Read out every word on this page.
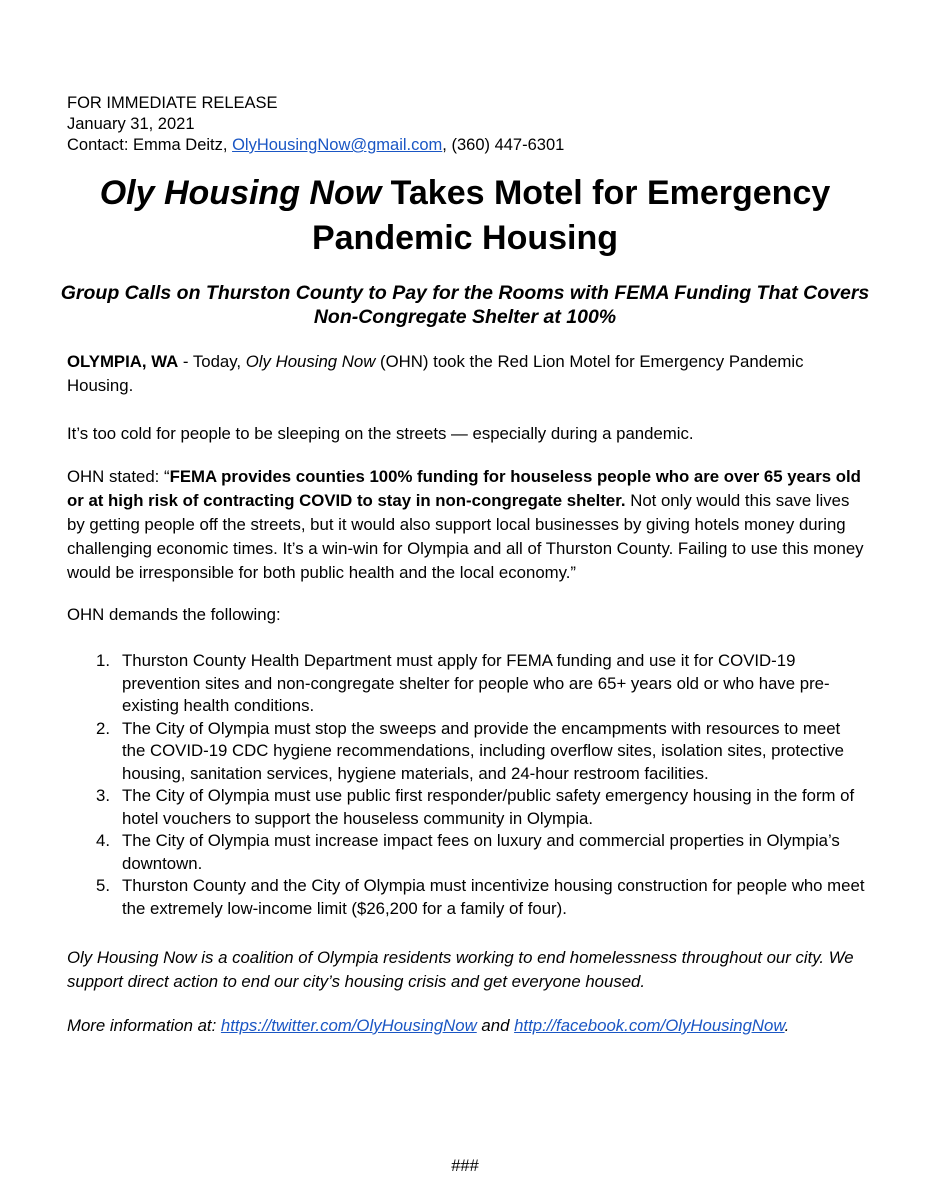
FOR IMMEDIATE RELEASE
January 31, 2021
Contact: Emma Deitz, OlyHousingNow@gmail.com, (360) 447-6301
Oly Housing Now Takes Motel for Emergency Pandemic Housing
Group Calls on Thurston County to Pay for the Rooms with FEMA Funding That Covers Non-Congregate Shelter at 100%
OLYMPIA, WA - Today, Oly Housing Now (OHN) took the Red Lion Motel for Emergency Pandemic Housing.
It’s too cold for people to be sleeping on the streets — especially during a pandemic.
OHN stated: “FEMA provides counties 100% funding for houseless people who are over 65 years old or at high risk of contracting COVID to stay in non-congregate shelter. Not only would this save lives by getting people off the streets, but it would also support local businesses by giving hotels money during challenging economic times. It’s a win-win for Olympia and all of Thurston County. Failing to use this money would be irresponsible for both public health and the local economy.”
OHN demands the following:
1. Thurston County Health Department must apply for FEMA funding and use it for COVID-19 prevention sites and non-congregate shelter for people who are 65+ years old or who have pre-existing health conditions.
2. The City of Olympia must stop the sweeps and provide the encampments with resources to meet the COVID-19 CDC hygiene recommendations, including overflow sites, isolation sites, protective housing, sanitation services, hygiene materials, and 24-hour restroom facilities.
3. The City of Olympia must use public first responder/public safety emergency housing in the form of hotel vouchers to support the houseless community in Olympia.
4. The City of Olympia must increase impact fees on luxury and commercial properties in Olympia’s downtown.
5. Thurston County and the City of Olympia must incentivize housing construction for people who meet the extremely low-income limit ($26,200 for a family of four).
Oly Housing Now is a coalition of Olympia residents working to end homelessness throughout our city. We support direct action to end our city’s housing crisis and get everyone housed.
More information at: https://twitter.com/OlyHousingNow and http://facebook.com/OlyHousingNow.
###
